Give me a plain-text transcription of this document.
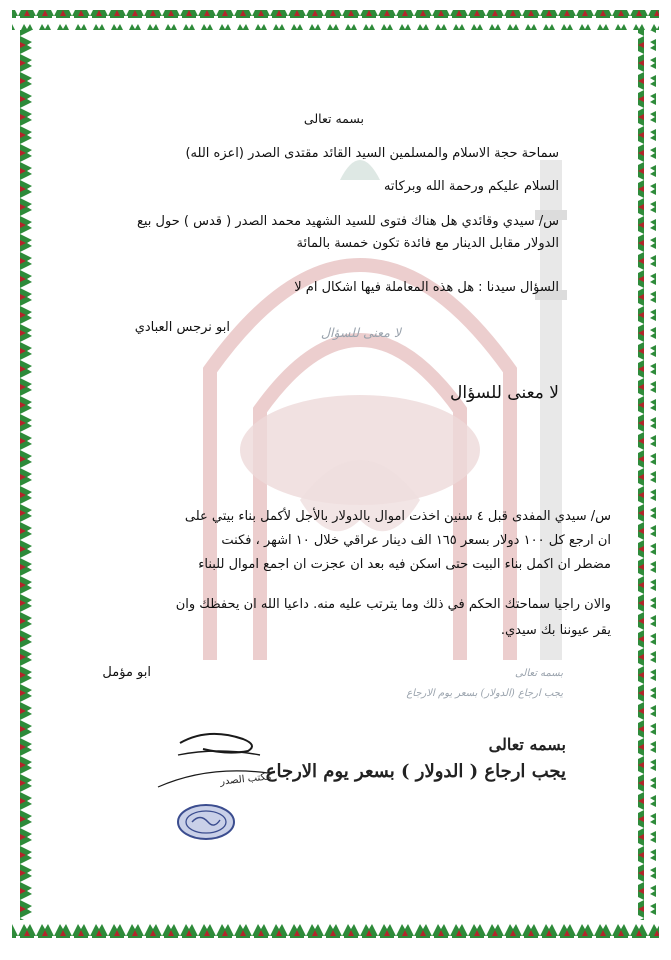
بسمه تعالى
سماحة حجة الاسلام والمسلمين السيد القائد مقتدى الصدر (اعزه الله)
السلام عليكم ورحمة الله وبركاته
س/ سيدي وقائدي هل هناك فتوى للسيد الشهيد محمد الصدر ( قدس ) حول بيع
الدولار مقابل الدينار مع فائدة تكون خمسة بالمائة
السؤال سيدنا : هل هذه المعاملة فيها اشكال ام لا
ابو نرجس العبادي	لا معنى للسؤال
لا معنى للسؤال
س/ سيدي المفدى قبل ٤ سنين اخذت اموال بالدولار بالأجل لأكمل بناء بيتي على
ان ارجع كل ١٠٠ دولار بسعر ١٦٥ الف دينار عراقي خلال ١٠ اشهر ، فكنت
مضطر ان اكمل بناء البيت حتى اسكن فيه بعد ان عجزت ان اجمع اموال للبناء
والان راجيا سماحتك الحكم في ذلك وما يترتب عليه منه. داعيا الله ان يحفظك وان
يقر عيوننا بك سيدي.
ابو مؤمل	بسمه تعالى
يجب ارجاع (الدولار) بسعر يوم الارجاع
بسمه تعالى
يجب ارجاع ( الدولار ) بسعر يوم الارجاع
مكتب الصدر
